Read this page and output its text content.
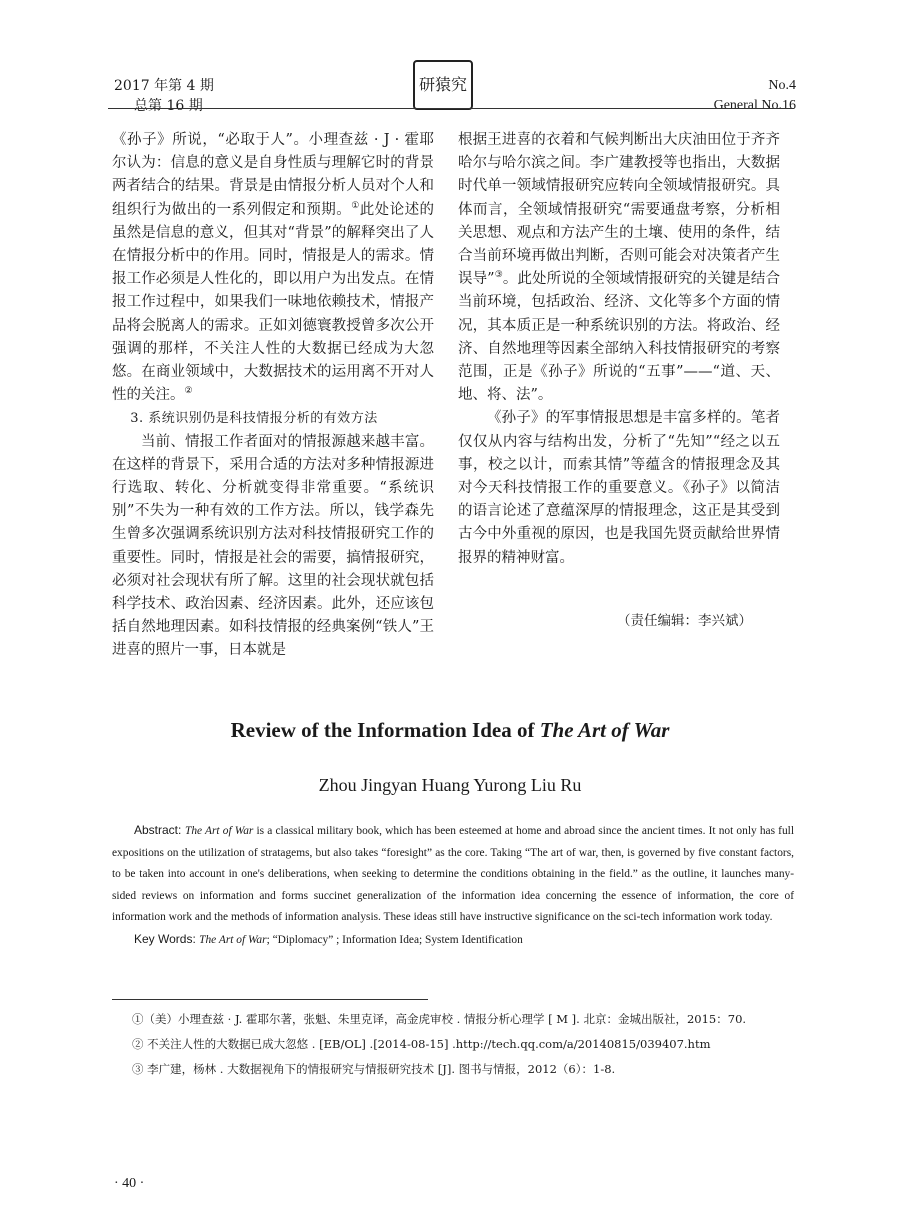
2017 年第 4 期
总第 16 期
研猿究	No.4
General No.16

《孙子》所说，“必取于人”。小理查兹 · J · 霍耶尔认为：信息的意义是自身性质与理解它时的背景两者结合的结果。背景是由情报分析人员对个人和组织行为做出的一系列假定和预期。①此处论述的虽然是信息的意义，但其对“背景”的解释突出了人在情报分析中的作用。同时，情报是人的需求。情报工作必须是人性化的，即以用户为出发点。在情报工作过程中，如果我们一味地依赖技术，情报产品将会脱离人的需求。正如刘德寰教授曾多次公开强调的那样，不关注人性的大数据已经成为大忽悠。在商业领域中，大数据技术的运用离不开对人性的关注。②

3. 系统识别仍是科技情报分析的有效方法

当前、情报工作者面对的情报源越来越丰富。在这样的背景下，采用合适的方法对多种情报源进行选取、转化、分析就变得非常重要。“系统识别”不失为一种有效的工作方法。所以，钱学森先生曾多次强调系统识别方法对科技情报研究工作的重要性。同时，情报是社会的需要，搞情报研究，必须对社会现状有所了解。这里的社会现状就包括科学技术、政治因素、经济因素。此外，还应该包括自然地理因素。如科技情报的经典案例“铁人”王进喜的照片一事，日本就是

根据王进喜的衣着和气候判断出大庆油田位于齐齐哈尔与哈尔滨之间。李广建教授等也指出，大数据时代单一领域情报研究应转向全领域情报研究。具体而言，全领域情报研究“需要通盘考察，分析相关思想、观点和方法产生的土壤、使用的条件，结合当前环境再做出判断，否则可能会对决策者产生误导”③。此处所说的全领域情报研究的关键是结合当前环境，包括政治、经济、文化等多个方面的情况，其本质正是一种系统识别的方法。将政治、经济、自然地理等因素全部纳入科技情报研究的考察范围，正是《孙子》所说的“五事”——“道、天、地、将、法”。

《孙子》的军事情报思想是丰富多样的。笔者仅仅从内容与结构出发，分析了“先知”“经之以五事，校之以计，而索其情”等蕴含的情报理念及其对今天科技情报工作的重要意义。《孙子》以简洁的语言论述了意蕴深厚的情报理念，这正是其受到古今中外重视的原因，也是我国先贤贡献给世界情报界的精神财富。

（责任编辑：李兴斌）

Review of the Information Idea of The Art of War
Zhou Jingyan Huang Yurong Liu Ru
Abstract: The Art of War is a classical military book, which has been esteemed at home and abroad since the ancient times. It not only has full expositions on the utilization of stratagems, but also takes “foresight” as the core. Taking “The art of war, then, is governed by five constant factors, to be taken into account in one's deliberations, when seeking to determine the conditions obtaining in the field.” as the outline, it launches many-sided reviews on information and forms succinet generalization of the information idea concerning the essence of information, the core of information work and the methods of information analysis. These ideas still have instructive significance on the sci-tech information work today.
Key Words: The Art of War; “Diplomacy” ; Information Idea; System Identification

①（美）小理查兹 · J. 霍耶尔著，张魁、朱里克译，高金虎审校 . 情报分析心理学 [ M ]. 北京：金城出版社，2015：70.

② 不关注人性的大数据已成大忽悠 . [EB/OL] .[2014-08-15] .http://tech.qq.com/a/20140815/039407.htm

③ 李广建，杨林 . 大数据视角下的情报研究与情报研究技术 [J]. 图书与情报，2012（6）：1-8.

· 40 ·
